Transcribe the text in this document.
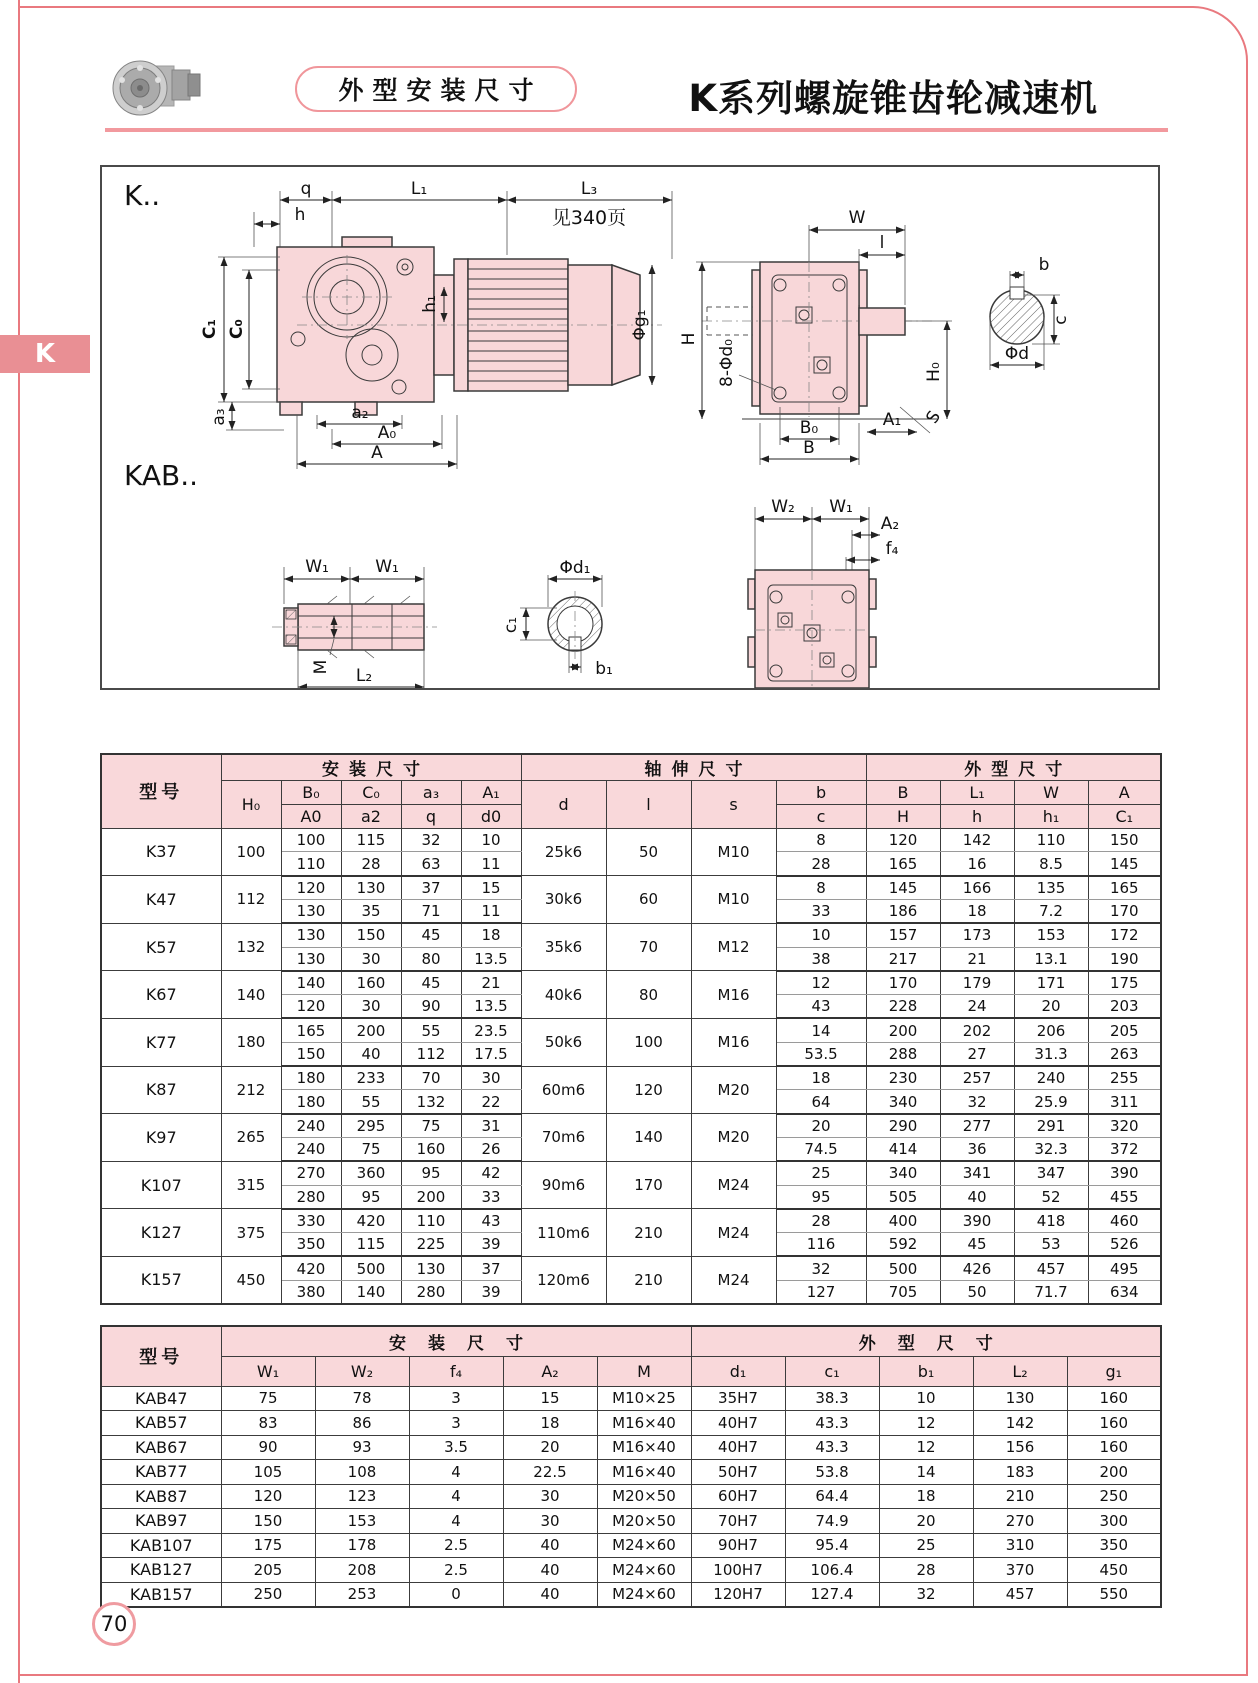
外型安装尺寸	K系列螺旋锥齿轮减速机
K
K..	q	L₁	L₃
见340页
h
Φg₁
h₁
C₁ C₀
a₃	a₂
A₀
A
W
l
H
8-Φd₀	H₀
S
B₀
B
A₁
b
c
Φd
KAB..
W₁	W₁
M L₂
Φd₁
c₁
b₁
W₂ W₁
A₂
f₄
型号	安装尺寸					轴伸尺寸				外型尺寸			
	H₀	B₀	C₀	a₃	A₁	d	l	s	b	B	L₁	W	A
		A0	a2	q	d0				c	H	h	h₁	C₁
K37	100	100	115	32	10	25k6	50	M10	8	120	142	110	150
		110	28	63	11				28	165	16	8.5	145
K47	112	120	130	37	15	30k6	60	M10	8	145	166	135	165
		130	35	71	11				33	186	18	7.2	170
K57	132	130	150	45	18	35k6	70	M12	10	157	173	153	172
		130	30	80	13.5				38	217	21	13.1	190
K67	140	140	160	45	21	40k6	80	M16	12	170	179	171	175
		120	30	90	13.5				43	228	24	20	203
K77	180	165	200	55	23.5	50k6	100	M16	14	200	202	206	205
		150	40	112	17.5				53.5	288	27	31.3	263
K87	212	180	233	70	30	60m6	120	M20	18	230	257	240	255
		180	55	132	22				64	340	32	25.9	311
K97	265	240	295	75	31	70m6	140	M20	20	290	277	291	320
		240	75	160	26				74.5	414	36	32.3	372
K107	315	270	360	95	42	90m6	170	M24	25	340	341	347	390
		280	95	200	33				95	505	40	52	455
K127	375	330	420	110	43	110m6	210	M24	28	400	390	418	460
		350	115	225	39				116	592	45	53	526
K157	450	420	500	130	37	120m6	210	M24	32	500	426	457	495
		380	140	280	39				127	705	50	71.7	634
型号	安装尺寸					外型尺寸				
	W₁	W₂	f₄	A₂	M	d₁	c₁	b₁	L₂	g₁
KAB47	75	78	3	15	M10×25	35H7	38.3	10	130	160
KAB57	83	86	3	18	M16×40	40H7	43.3	12	142	160
KAB67	90	93	3.5	20	M16×40	40H7	43.3	12	156	160
KAB77	105	108	4	22.5	M16×40	50H7	53.8	14	183	200
KAB87	120	123	4	30	M20×50	60H7	64.4	18	210	250
KAB97	150	153	4	30	M20×50	70H7	74.9	20	270	300
KAB107	175	178	2.5	40	M24×60	90H7	95.4	25	310	350
KAB127	205	208	2.5	40	M24×60	100H7	106.4	28	370	450
KAB157	250	253	0	40	M24×60	120H7	127.4	32	457	550
70
